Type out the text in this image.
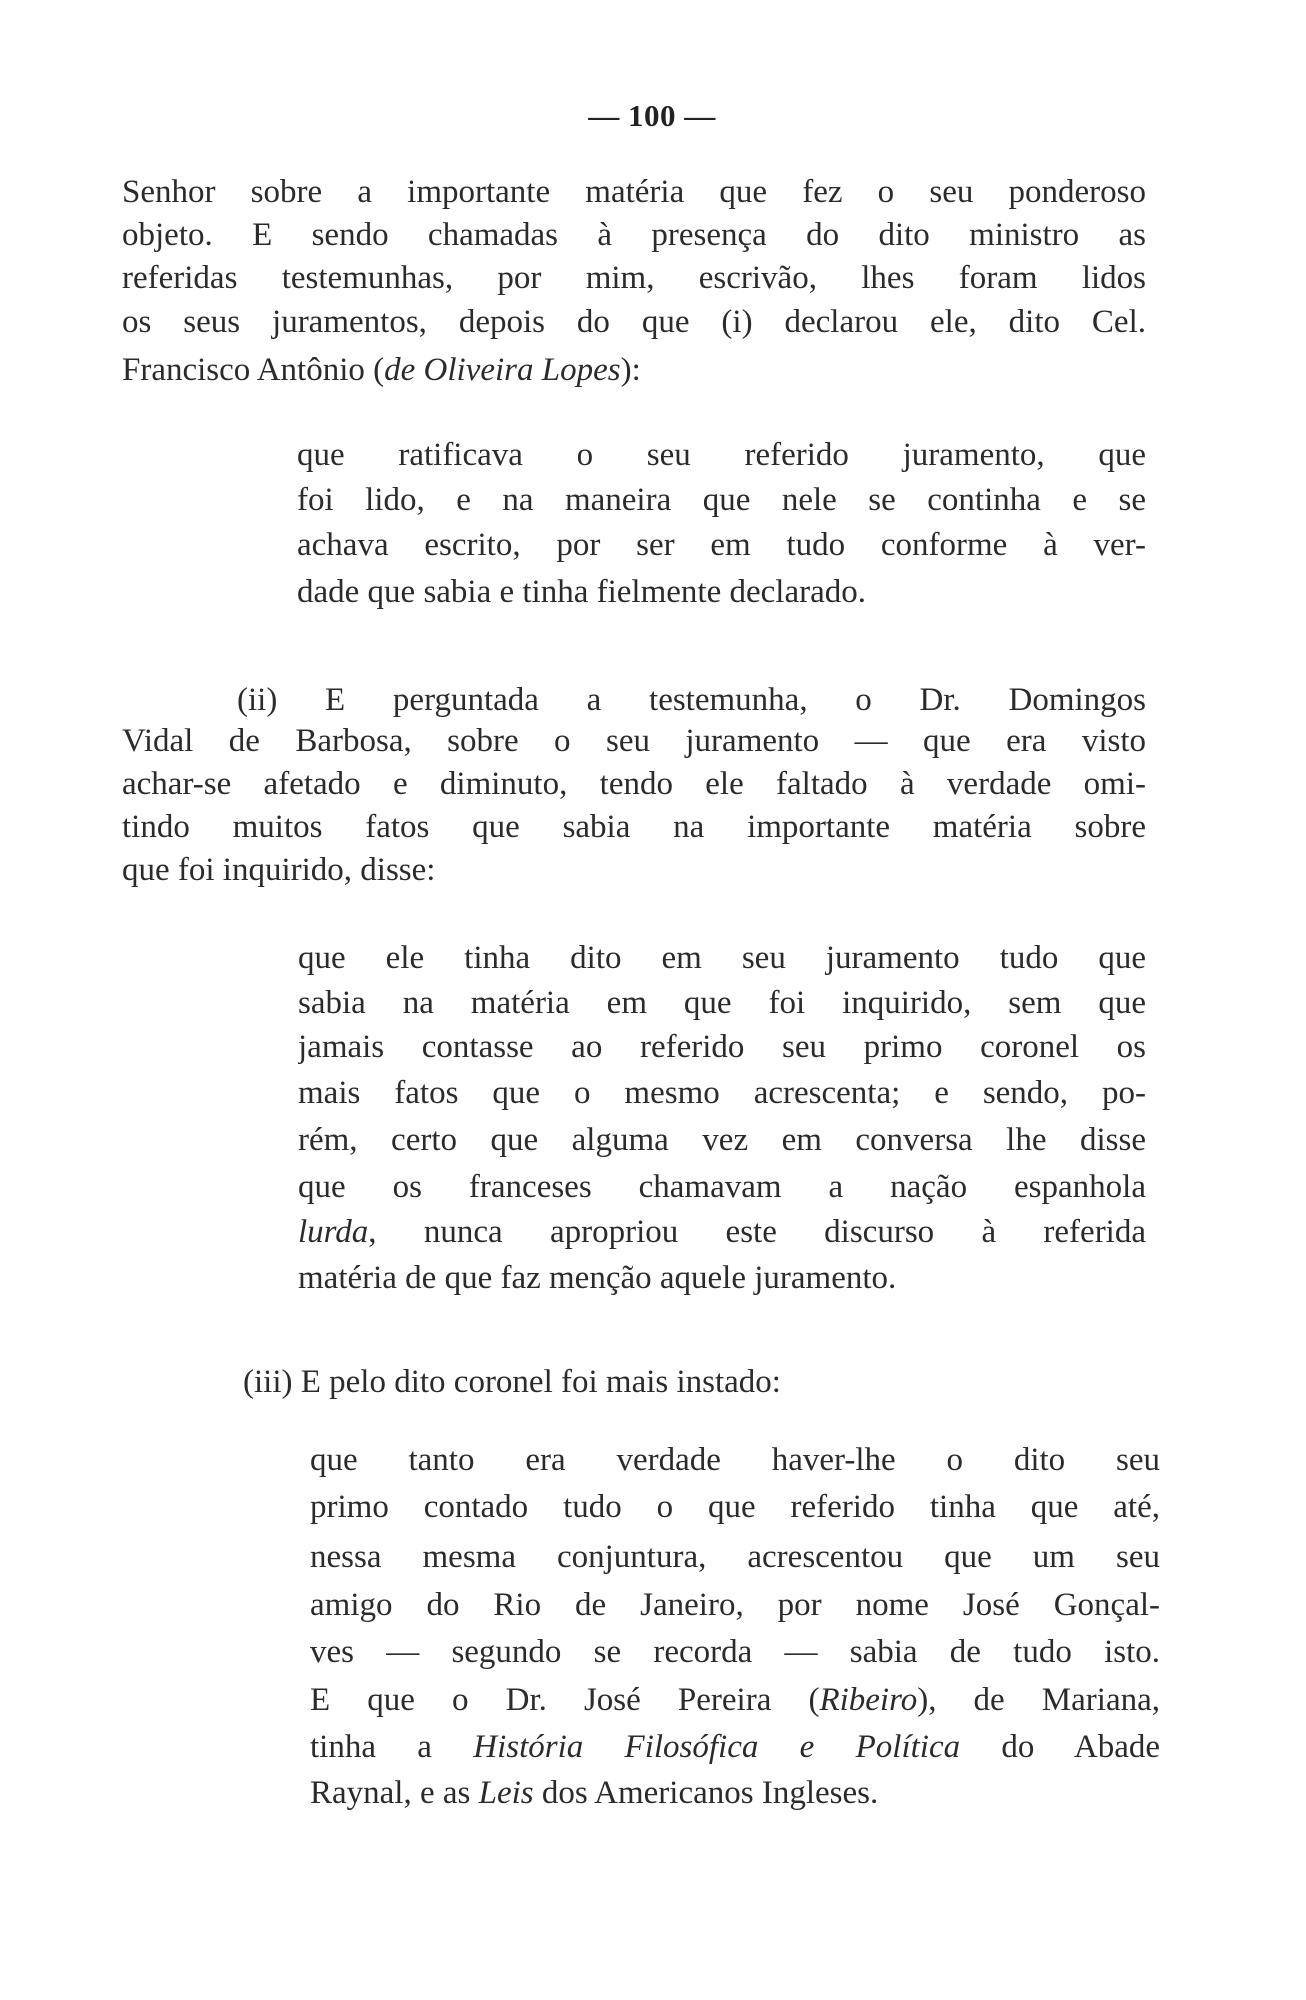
— 100 —
Senhor sobre a importante matéria que fez o seu ponderoso
objeto. E sendo chamadas à presença do dito ministro as
referidas testemunhas, por mim, escrivão, lhes foram lidos
os seus juramentos, depois do que (i) declarou ele, dito Cel.
Francisco Antônio (de Oliveira Lopes):
que ratificava o seu referido juramento, que
foi lido, e na maneira que nele se continha e se
achava escrito, por ser em tudo conforme à ver-
dade que sabia e tinha fielmente declarado.
(ii) E perguntada a testemunha, o Dr. Domingos
Vidal de Barbosa, sobre o seu juramento — que era visto
achar-se afetado e diminuto, tendo ele faltado à verdade omi-
tindo muitos fatos que sabia na importante matéria sobre
que foi inquirido, disse:
que ele tinha dito em seu juramento tudo que
sabia na matéria em que foi inquirido, sem que
jamais contasse ao referido seu primo coronel os
mais fatos que o mesmo acrescenta; e sendo, po-
rém, certo que alguma vez em conversa lhe disse
que os franceses chamavam a nação espanhola
lurda, nunca apropriou este discurso à referida
matéria de que faz menção aquele juramento.
(iii) E pelo dito coronel foi mais instado:
que tanto era verdade haver-lhe o dito seu
primo contado tudo o que referido tinha que até,
nessa mesma conjuntura, acrescentou que um seu
amigo do Rio de Janeiro, por nome José Gonçal-
ves — segundo se recorda — sabia de tudo isto.
E que o Dr. José Pereira (Ribeiro), de Mariana,
tinha a História Filosófica e Política do Abade
Raynal, e as Leis dos Americanos Ingleses.
